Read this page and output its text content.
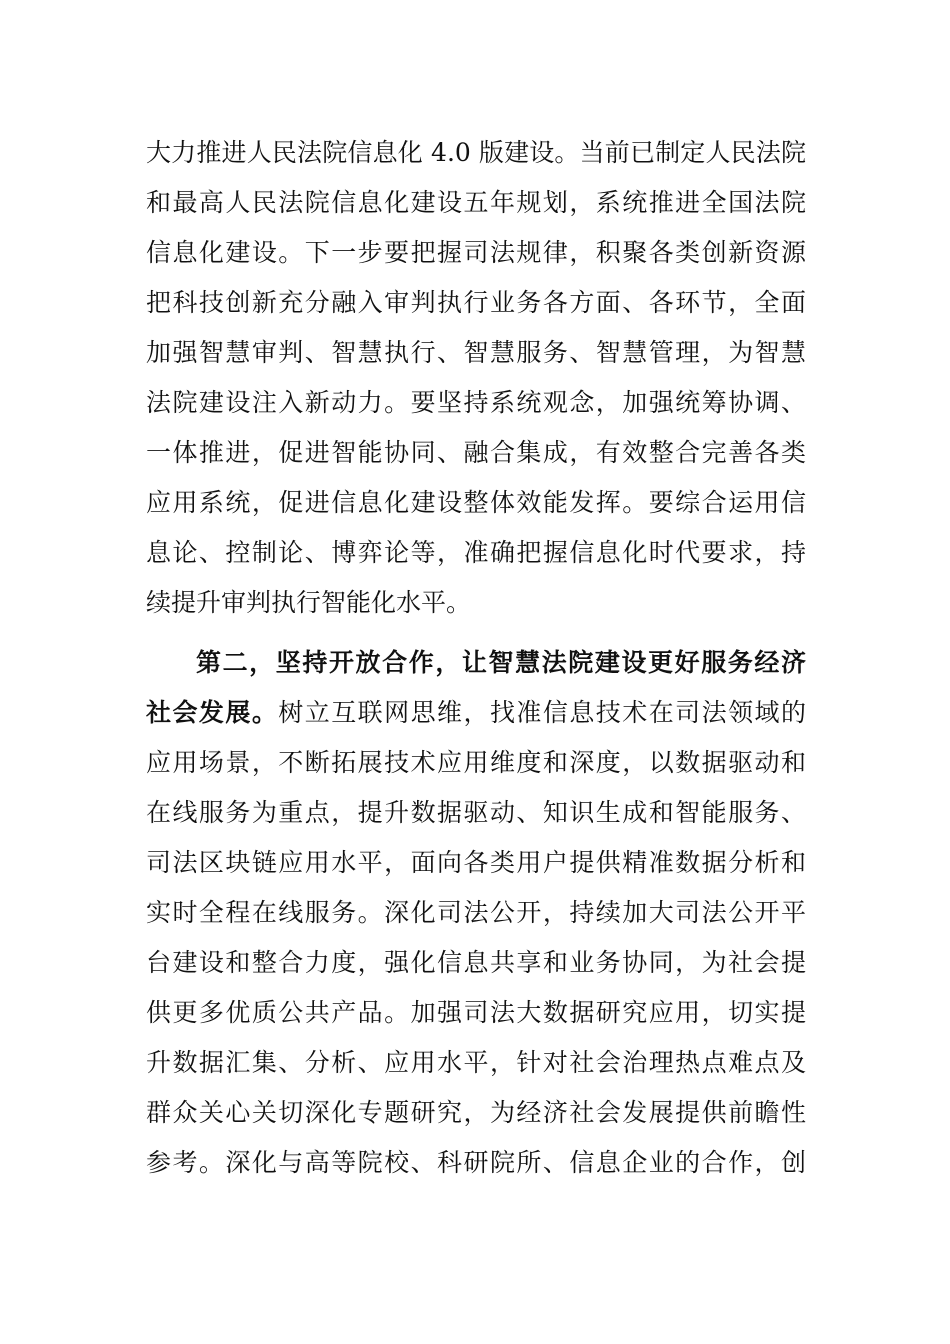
大力推进人民法院信息化 4.0 版建设。当前已制定人民法院
和最高人民法院信息化建设五年规划，系统推进全国法院
信息化建设。下一步要把握司法规律，积聚各类创新资源
把科技创新充分融入审判执行业务各方面、各环节，全面
加强智慧审判、智慧执行、智慧服务、智慧管理，为智慧
法院建设注入新动力。要坚持系统观念，加强统筹协调、
一体推进，促进智能协同、融合集成，有效整合完善各类
应用系统，促进信息化建设整体效能发挥。要综合运用信
息论、控制论、博弈论等，准确把握信息化时代要求，持
续提升审判执行智能化水平。
第二，坚持开放合作，让智慧法院建设更好服务经济
社会发展。树立互联网思维，找准信息技术在司法领域的
应用场景，不断拓展技术应用维度和深度，以数据驱动和
在线服务为重点，提升数据驱动、知识生成和智能服务、
司法区块链应用水平，面向各类用户提供精准数据分析和
实时全程在线服务。深化司法公开，持续加大司法公开平
台建设和整合力度，强化信息共享和业务协同，为社会提
供更多优质公共产品。加强司法大数据研究应用，切实提
升数据汇集、分析、应用水平，针对社会治理热点难点及
群众关心关切深化专题研究，为经济社会发展提供前瞻性
参考。深化与高等院校、科研院所、信息企业的合作，创
